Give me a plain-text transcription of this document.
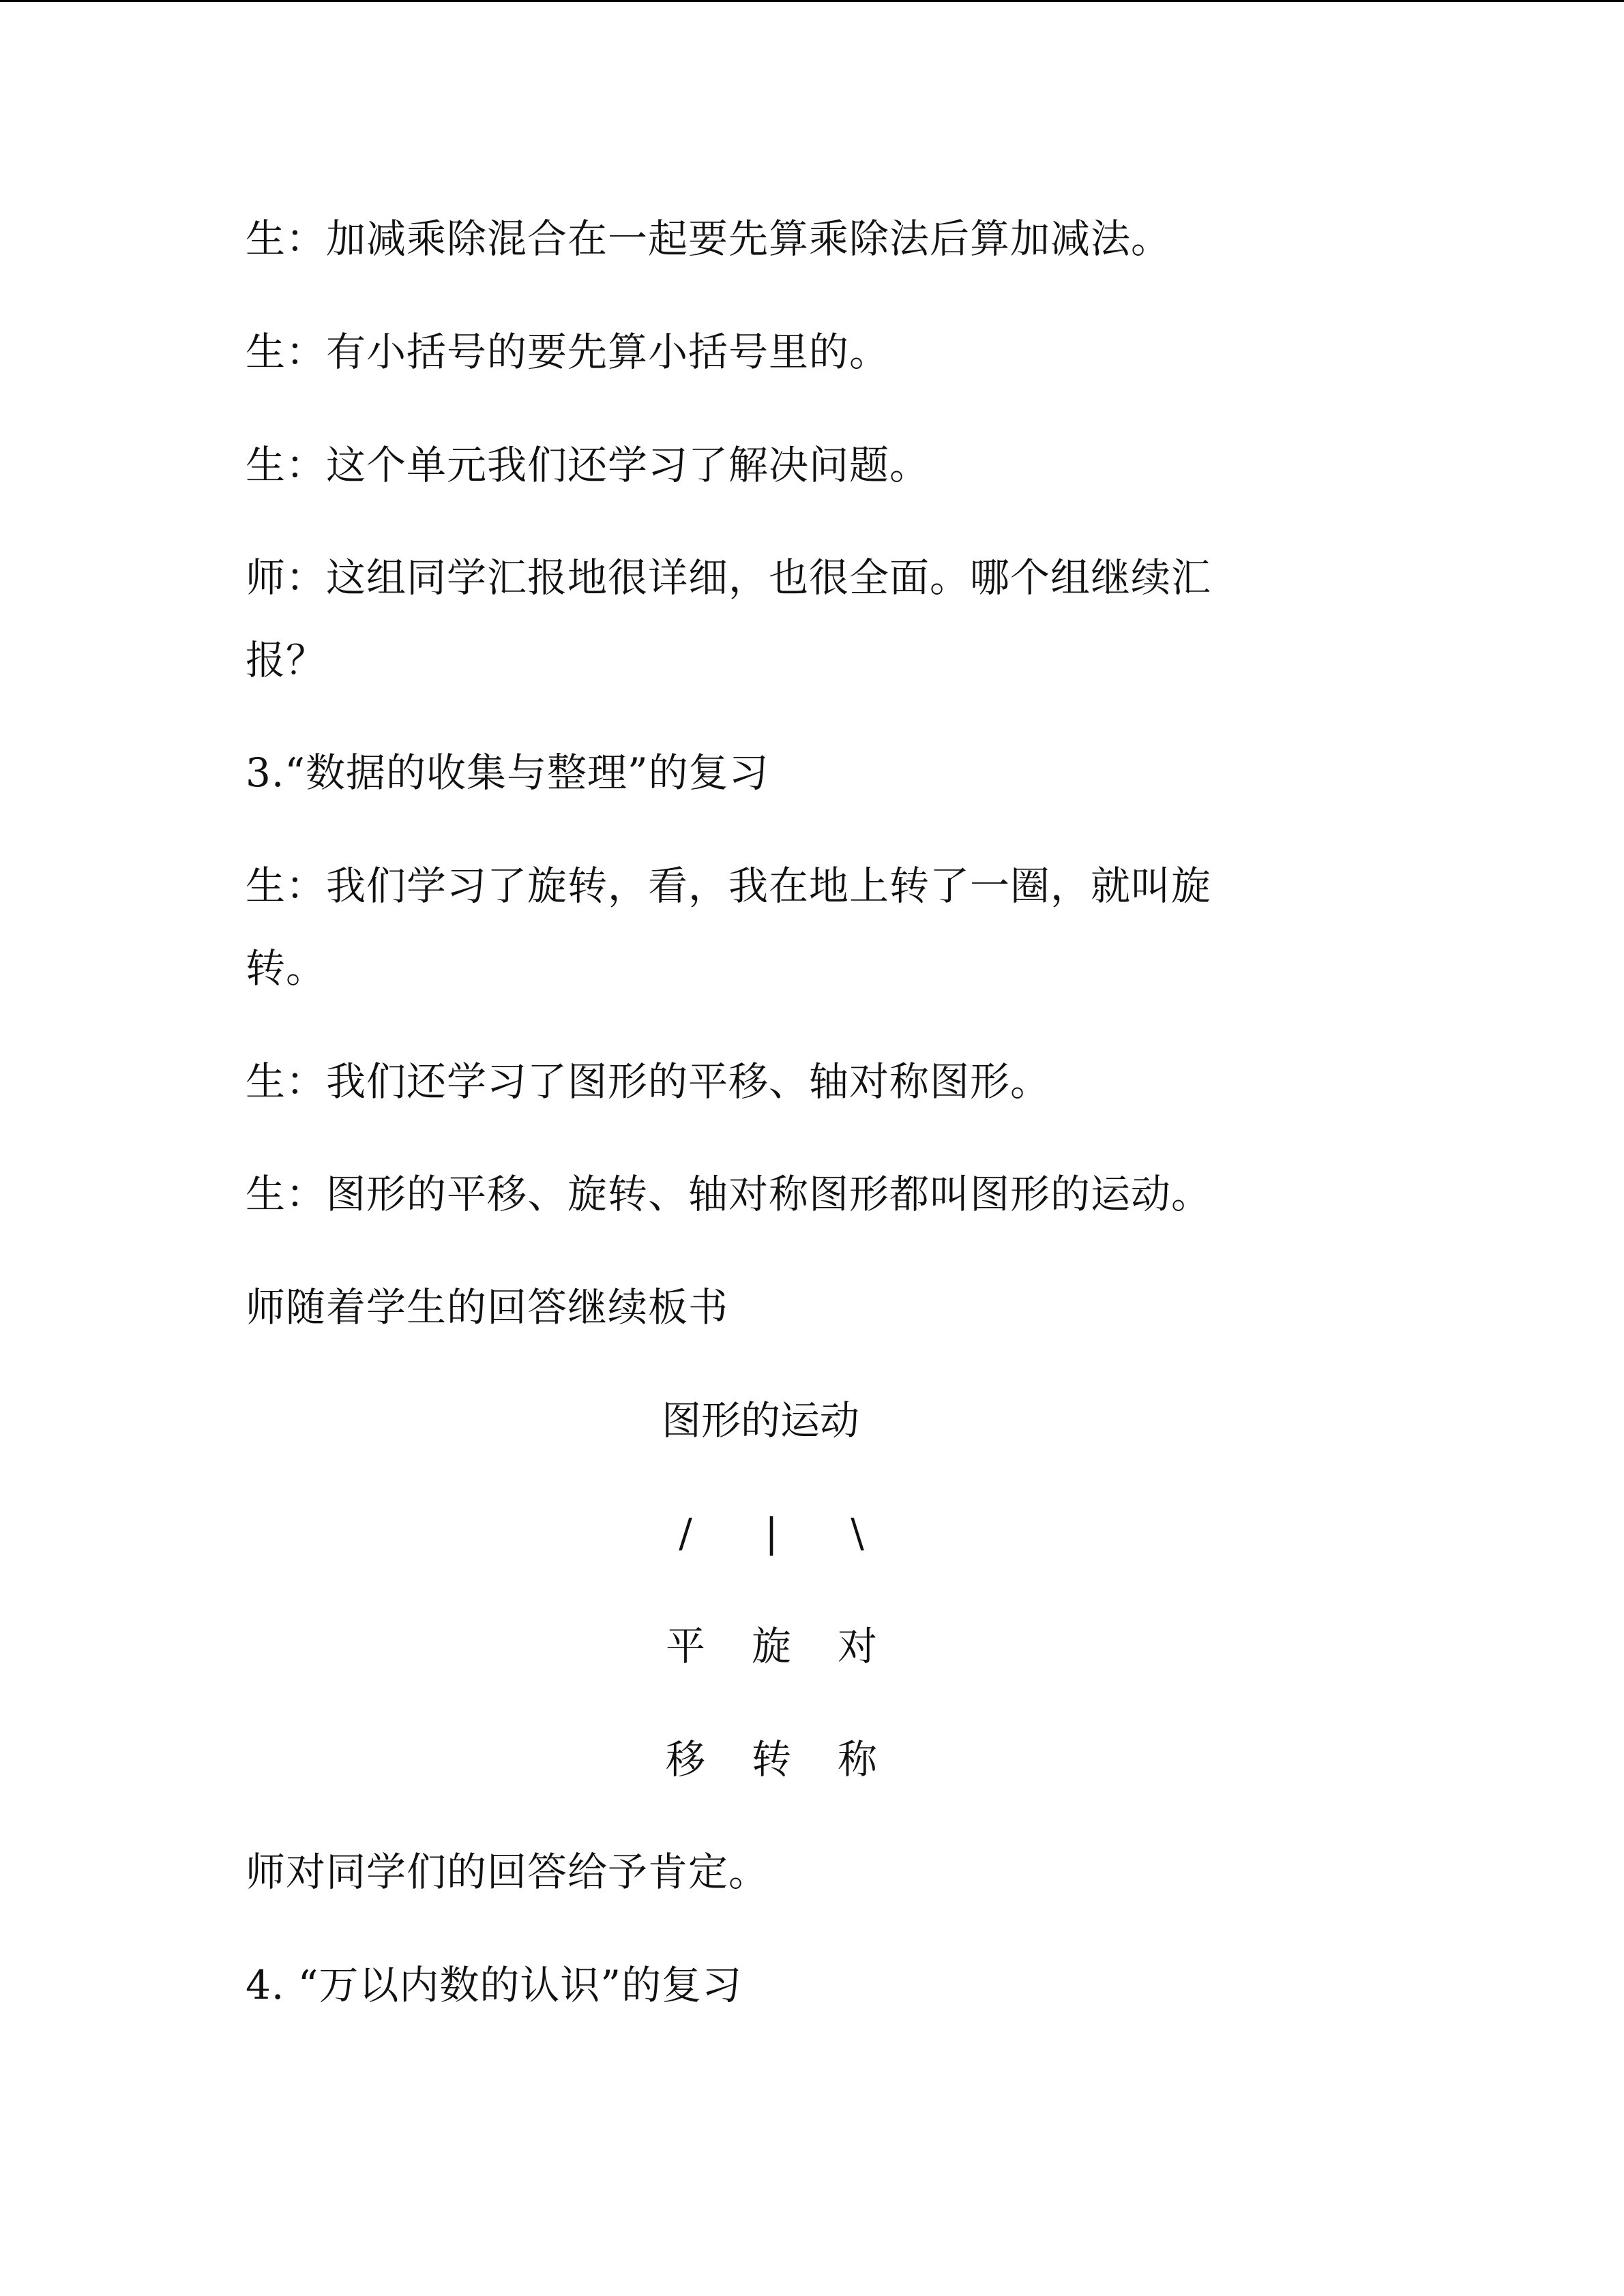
生：加减乘除混合在一起要先算乘除法后算加减法。
生：有小括号的要先算小括号里的。
生：这个单元我们还学习了解决问题。
师：这组同学汇报地很详细，也很全面。哪个组继续汇
报？
3.“数据的收集与整理”的复习
生：我们学习了旋转，看，我在地上转了一圈，就叫旋
转。
生：我们还学习了图形的平移、轴对称图形。
生：图形的平移、旋转、轴对称图形都叫图形的运动。
师随着学生的回答继续板书
图形的运动
/	|	\
平 旋 对
移 转 称
师对同学们的回答给予肯定。
4. “万以内数的认识”的复习
